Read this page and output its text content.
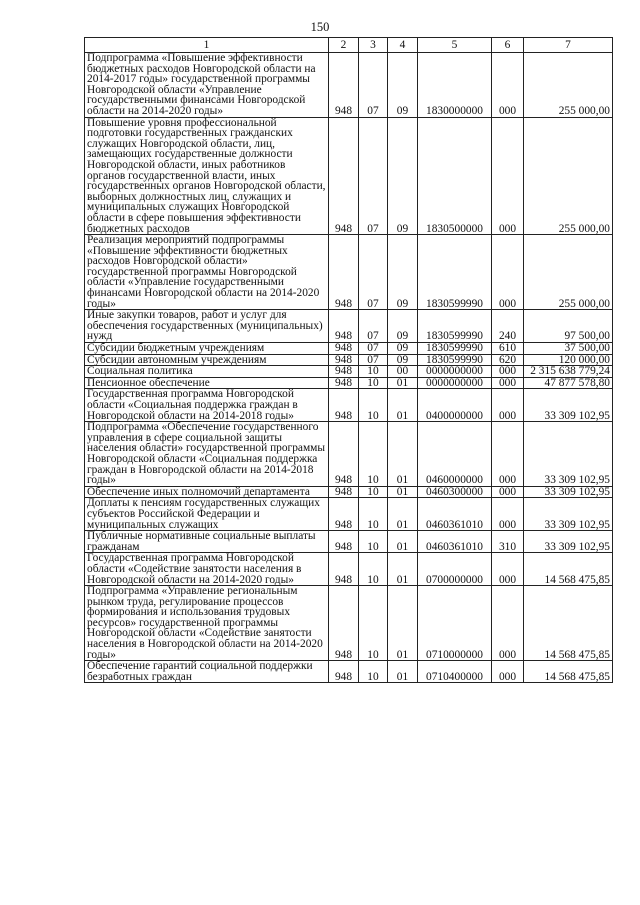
150
1	2	3	4	5	6	7
Подпрограмма «Повышение эффективности бюджетных расходов Новгородской области на 2014-2017 годы» государственной программы Новгородской области «Управление государственными финансами Новгородской области на 2014-2020 годы»	948	07	09	1830000000	000	255 000,00
Повышение уровня профессиональной подготовки государственных гражданских служащих Новгородской области, лиц, замещающих государственные должности Новгородской области, иных работников органов государственной власти, иных государственных органов Новгородской области, выборных должностных лиц, служащих и муниципальных служащих Новгородской области в сфере повышения эффективности бюджетных расходов	948	07	09	1830500000	000	255 000,00
Реализация мероприятий подпрограммы «Повышение эффективности бюджетных расходов Новгородской области» государственной программы Новгородской области «Управление государственными финансами Новгородской области на 2014-2020 годы»	948	07	09	1830599990	000	255 000,00
Иные закупки товаров, работ и услуг для обеспечения государственных (муниципальных) нужд	948	07	09	1830599990	240	97 500,00
Субсидии бюджетным учреждениям	948	07	09	1830599990	610	37 500,00
Субсидии автономным учреждениям	948	07	09	1830599990	620	120 000,00
Социальная политика	948	10	00	0000000000	000	2 315 638 779,24
Пенсионное обеспечение	948	10	01	0000000000	000	47 877 578,80
Государственная программа Новгородской области «Социальная поддержка граждан в Новгородской области на 2014-2018 годы»	948	10	01	0400000000	000	33 309 102,95
Подпрограмма «Обеспечение государственного управления в сфере социальной защиты населения области» государственной программы Новгородской области «Социальная поддержка граждан в Новгородской области на 2014-2018 годы»	948	10	01	0460000000	000	33 309 102,95
Обеспечение иных полномочий департамента	948	10	01	0460300000	000	33 309 102,95
Доплаты к пенсиям государственных служащих субъектов Российской Федерации и муниципальных служащих	948	10	01	0460361010	000	33 309 102,95
Публичные нормативные социальные выплаты гражданам	948	10	01	0460361010	310	33 309 102,95
Государственная программа Новгородской области «Содействие занятости населения в Новгородской области на 2014-2020 годы»	948	10	01	0700000000	000	14 568 475,85
Подпрограмма «Управление региональным рынком труда, регулирование процессов формирования и использования трудовых ресурсов» государственной программы Новгородской области «Содействие занятости населения в Новгородской области на 2014-2020 годы»	948	10	01	0710000000	000	14 568 475,85
Обеспечение гарантий социальной поддержки безработных граждан	948	10	01	0710400000	000	14 568 475,85
